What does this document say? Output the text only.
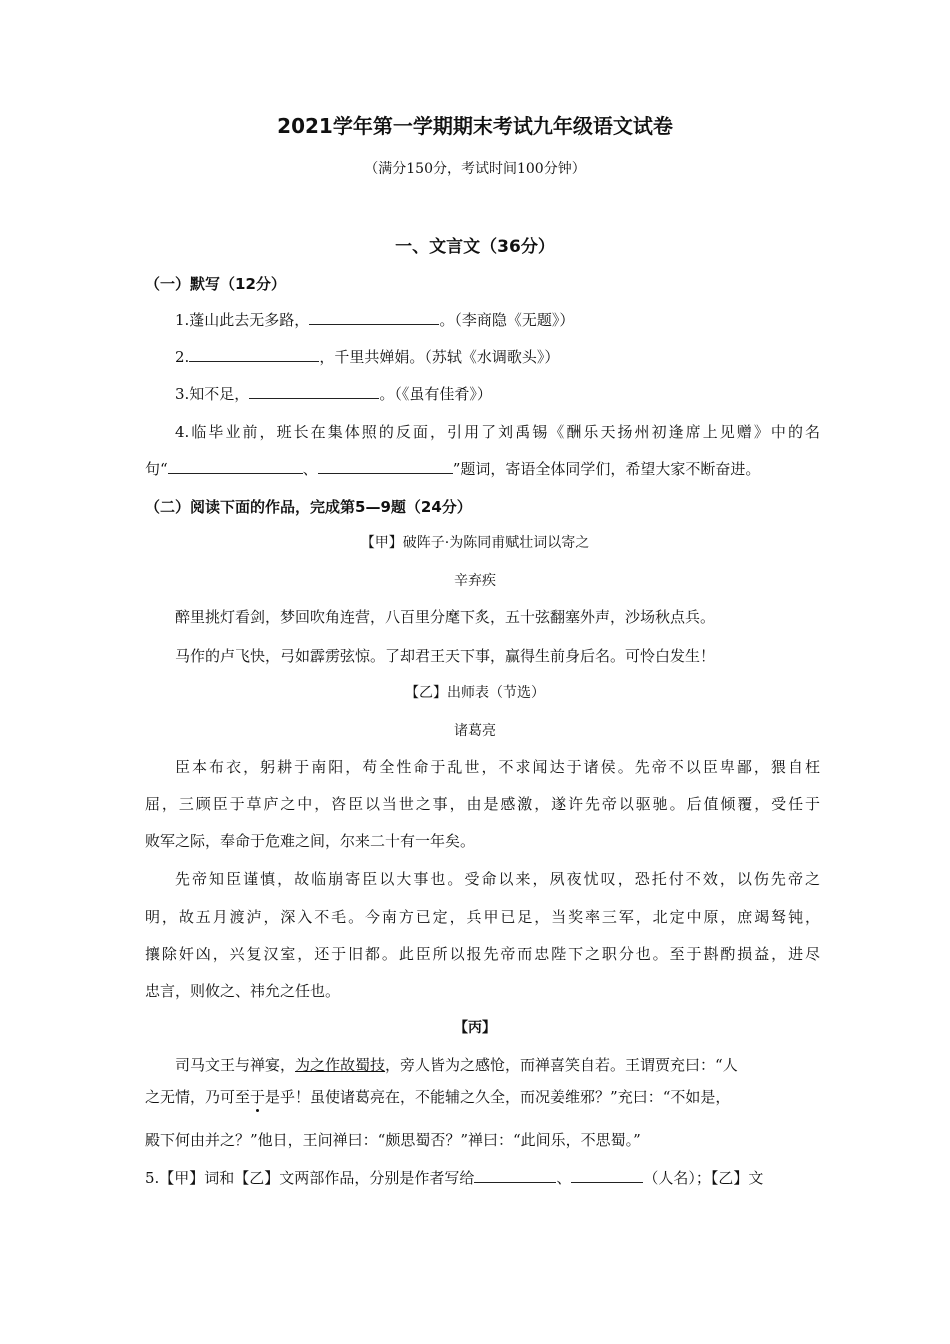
2021学年第一学期期末考试九年级语文试卷
（满分150分，考试时间100分钟）
一、文言文（36分）
（一）默写（12分）
1.蓬山此去无多路，	。（李商隐《无题》）
2.	，千里共婵娟。（苏轼《水调歌头》）
3.知不足，	。（《虽有佳肴》）
4.临毕业前，班长在集体照的反面，引用了刘禹锡《酬乐天扬州初逢席上见赠》中的名
句“	、	”题词，寄语全体同学们，希望大家不断奋进。
（二）阅读下面的作品，完成第5—9题（24分）
【甲】破阵子·为陈同甫赋壮词以寄之
辛弃疾
醉里挑灯看剑，梦回吹角连营，八百里分麾下炙，五十弦翻塞外声，沙场秋点兵。
马作的卢飞快，弓如霹雳弦惊。了却君王天下事，赢得生前身后名。可怜白发生！
【乙】出师表（节选）
诸葛亮
臣本布衣，躬耕于南阳，苟全性命于乱世，不求闻达于诸侯。先帝不以臣卑鄙，猥自枉
屈，三顾臣于草庐之中，咨臣以当世之事，由是感激，遂许先帝以驱驰。后值倾覆，受任于
败军之际，奉命于危难之间，尔来二十有一年矣。
先帝知臣谨慎，故临崩寄臣以大事也。受命以来，夙夜忧叹，恐托付不效，以伤先帝之
明，故五月渡泸，深入不毛。今南方已定，兵甲已足，当奖率三军，北定中原，庶竭驽钝，
攘除奸凶，兴复汉室，还于旧都。此臣所以报先帝而忠陛下之职分也。至于斟酌损益，进尽
忠言，则攸之、祎允之任也。
【丙】
司马文王与禅宴，为之作故蜀技，旁人皆为之感怆，而禅喜笑自若。王谓贾充曰：“人
之无情，乃可至于是乎！虽使诸葛亮在，不能辅之久全，而况姜维邪？”充曰：“不如是，
殿下何由并之？”他日，王问禅曰：“颇思蜀否？”禅曰：“此间乐，不思蜀。”
5.【甲】词和【乙】文两部作品，分别是作者写给	、	（人名）；【乙】文
